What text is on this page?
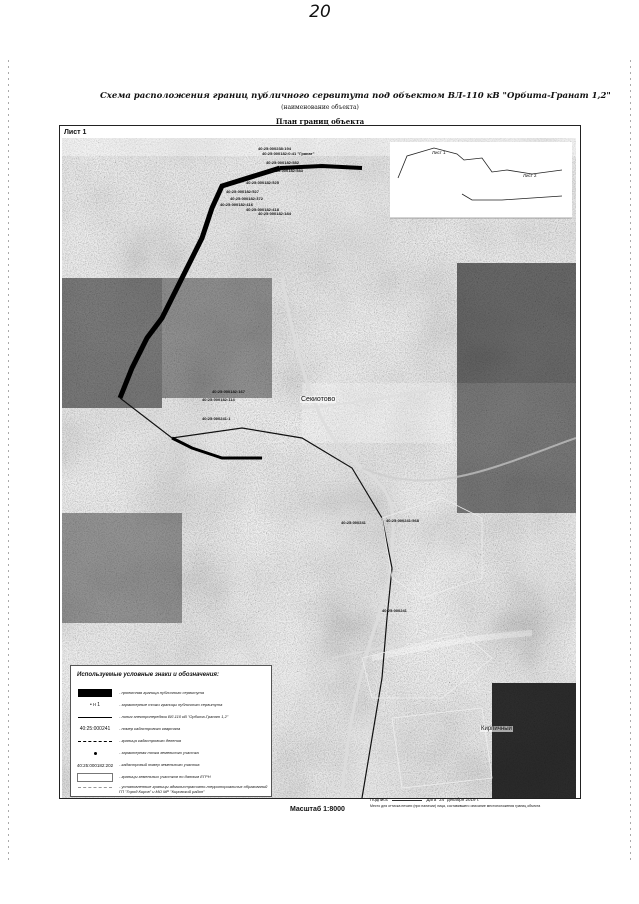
20
Схема расположения границ публичного сервитута под объектом ВЛ-110 кВ "Орбита-Гранат 1,2"
(наименование объекта)
План границ объекта
Лист 1
Лист 1
Лист 2
Секиотово
Кирпичный
40:25:000238:194
40:25:000182:0:41 "Гранат"
40:25:000182:582
40:25:000182:583
40:25:000182:525
40:25:000182:527
40:25:000182:372
40:25:000182:416
40:25:000182:418
40:25:000182:184
40:25:000182:167
40:25:000182:114
40:25:000241:1
40:25:000241:568
40:25:000241
40:25:000241
Используемые условные знаки и обозначения:
- проектная граница публичного сервитута
• н 1	- характерные точки границы публичного сервитута
- линия электропередачи ВЛ-110 кВ "Орбита-Гранат 1,2"
40:25:000241	- номер кадастрового квартала
- граница кадастрового деления
- характерная точка земельного участка
40:25:000182:202 - кадастровый номер земельного участка
- границы земельных участков по данным ЕГРН
- установленные границы административно-территориальных образований ГП "Город Киров" и МО МР "Кировский район"
Подпись	Дата "24" декабря 2019 г.
Место для оттиска печати (при наличии) лица, составившего описание местоположения границ объекта
Масштаб 1:8000
